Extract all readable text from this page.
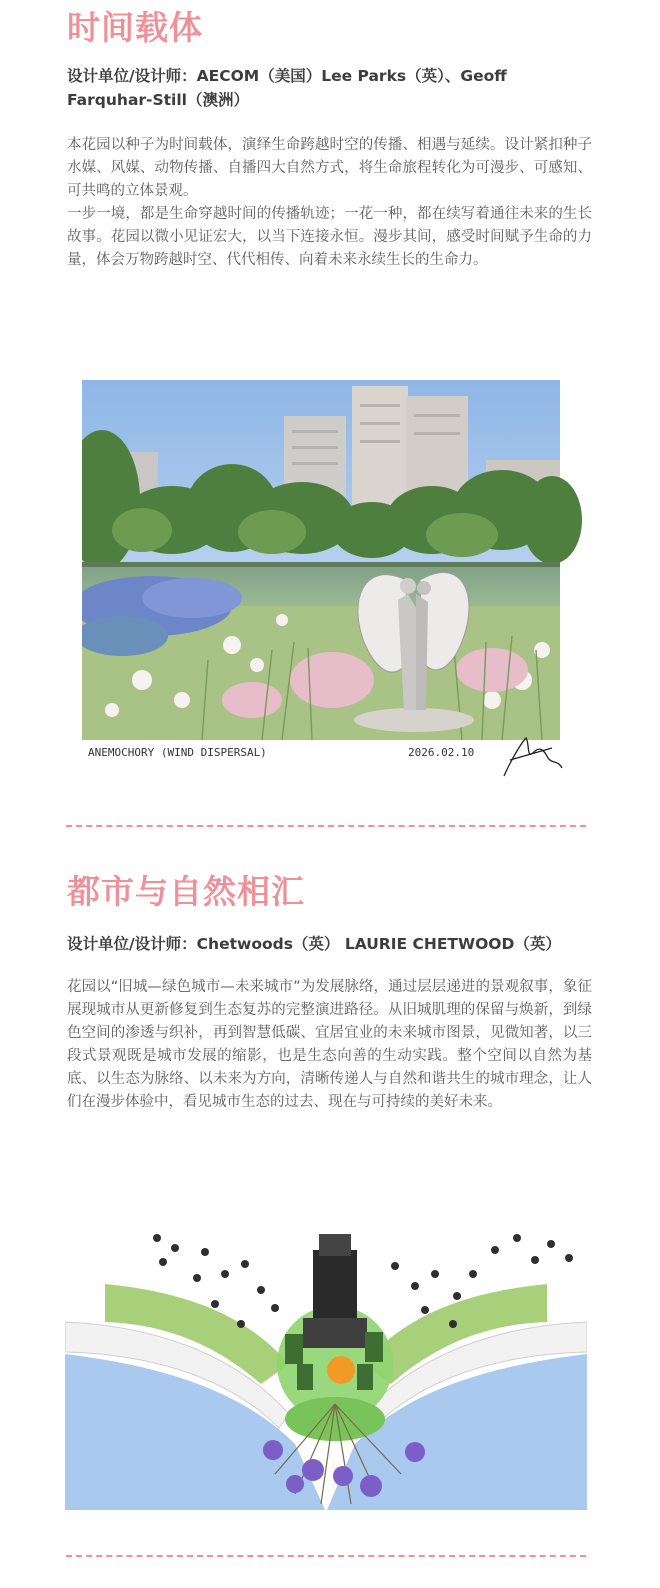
时间载体
设计单位/设计师：AECOM（美国）Lee Parks（英）、Geoff Farquhar-Still（澳洲）

本花园以种子为时间载体，演绎生命跨越时空的传播、相遇与延续。设计紧扣种子水媒、风媒、动物传播、自播四大自然方式，将生命旅程转化为可漫步、可感知、可共鸣的立体景观。

一步一境，都是生命穿越时间的传播轨迹；一花一种，都在续写着通往未来的生长故事。花园以微小见证宏大，以当下连接永恒。漫步其间，感受时间赋予生命的力量，体会万物跨越时空、代代相传、向着未来永续生长的生命力。

ANEMOCHORY (WIND DISPERSAL)	2026.02.10
都市与自然相汇
设计单位/设计师：Chetwoods（英） LAURIE CHETWOOD（英）

花园以“旧城—绿色城市—未来城市”为发展脉络，通过层层递进的景观叙事，象征展现城市从更新修复到生态复苏的完整演进路径。从旧城肌理的保留与焕新，到绿色空间的渗透与织补，再到智慧低碳、宜居宜业的未来城市图景，见微知著，以三段式景观既是城市发展的缩影，也是生态向善的生动实践。整个空间以自然为基底、以生态为脉络、以未来为方向，清晰传递人与自然和谐共生的城市理念，让人们在漫步体验中，看见城市生态的过去、现在与可持续的美好未来。
